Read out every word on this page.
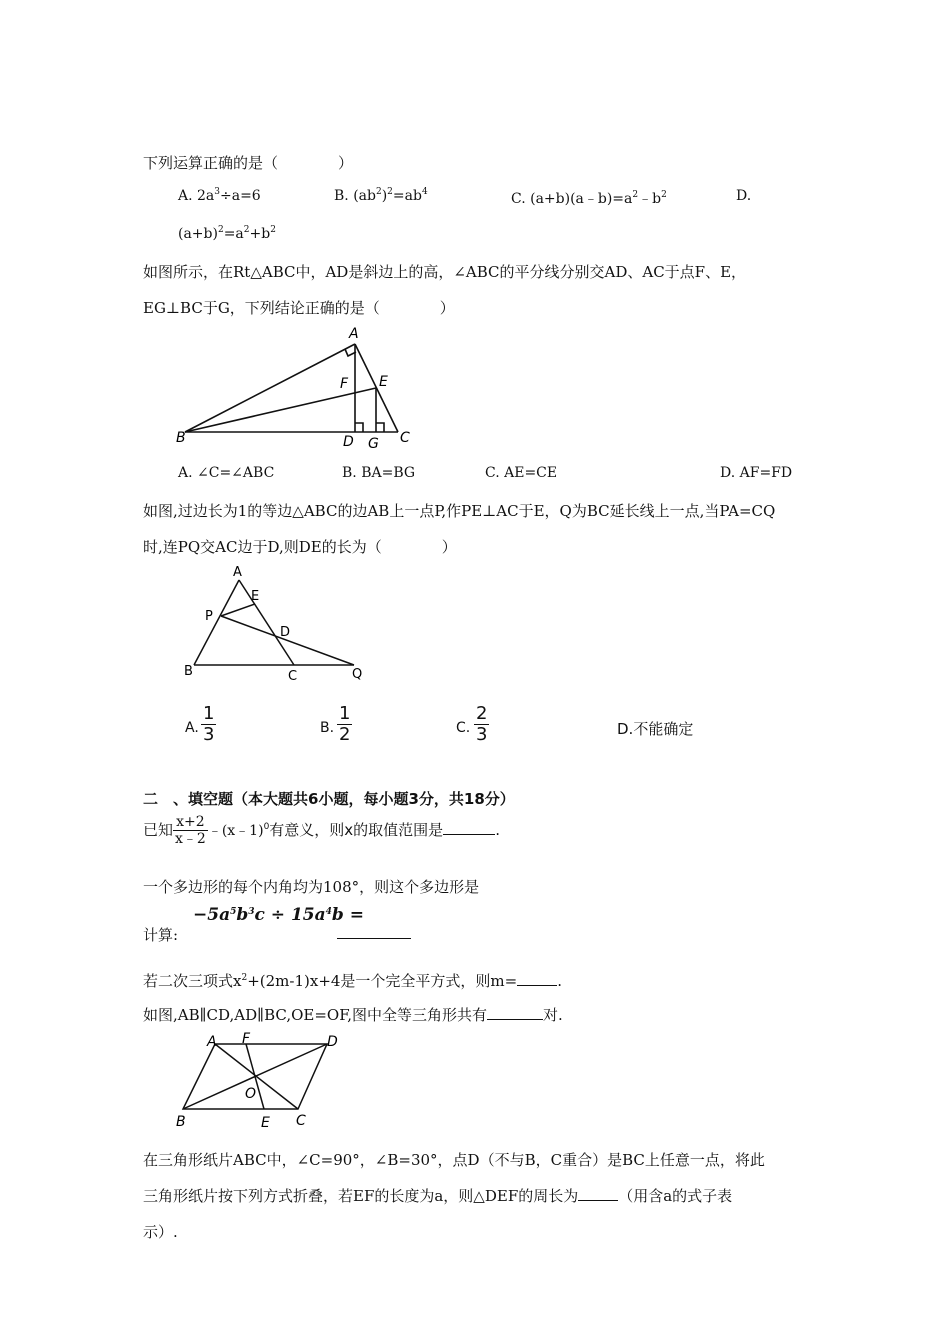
下列运算正确的是（　　　　）
A. $2a^3\div a=6$	B. $(ab^2)^2=ab^4$	C. $(a+b)(a﹣b)=a^2﹣b^2$	D.
$(a+b)^2=a^2+b^2$
如图所示，在Rt△ABC中，AD是斜边上的高，∠ABC的平分线分别交AD、AC于点F、E，
EG⊥BC于G，下列结论正确的是（　　　　）
A
B	C
D
E
F
G
A. ∠C=∠ABC	B. BA=BG	C. AE=CE	D. AF=FD
如图,过边长为1的等边△ABC的边AB上一点P,作PE⊥AC于E，Q为BC延长线上一点,当PA=CQ
时,连PQ交AC边于D,则DE的长为（　　　　）
A
B	C
D
E
P
Q
A. $\frac{1}{3}$	B. $\frac{1}{2}$	C. $\frac{2}{3}$	D.不能确定
二　、填空题（本大题共6小题，每小题3分，共18分）
已知 $\frac{x+2}{x﹣2}$ ﹣(x﹣1)$^0$有意义，则x的取值范围是	.
一个多边形的每个内角均为108°，则这个多边形是
$-5a^5b^3c \div 15a^4b$ =
计算:
若二次三项式$x^2+(2m-1)x+4$是一个完全平方式，则m=	.
如图,AB∥CD,AD∥BC,OE=OF,图中全等三角形共有	对.
A
B	C
D
E
F
O
在三角形纸片ABC中，∠C=90°，∠B=30°，点D（不与B，C重合）是BC上任意一点，将此
三角形纸片按下列方式折叠，若EF的长度为a，则△DEF的周长为	（用含a的式子表
示）.
